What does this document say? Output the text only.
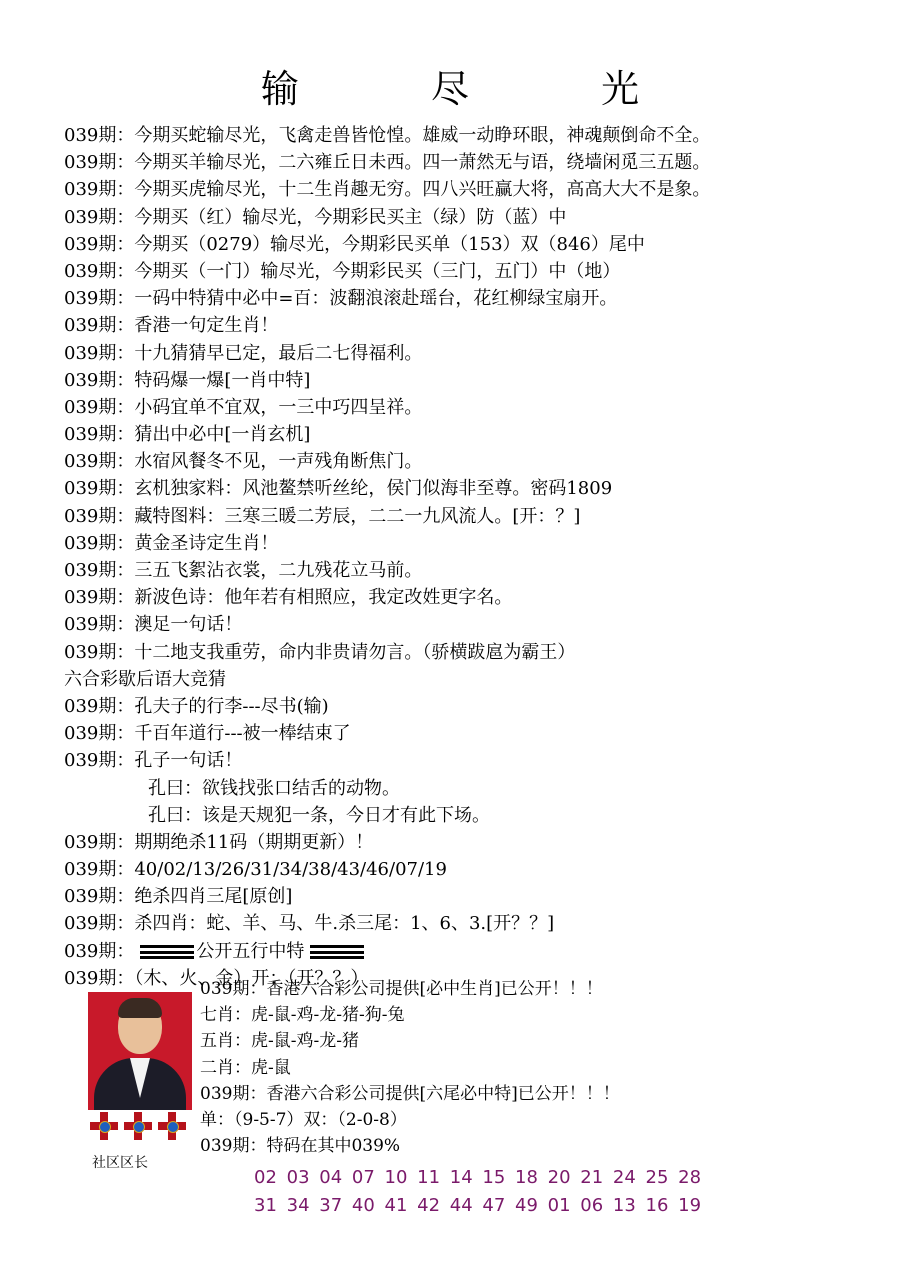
输 尽 光
039期：今期买蛇输尽光，飞禽走兽皆怆惶。雄威一动睁环眼，神魂颠倒命不全。
039期：今期买羊输尽光，二六雍丘日未西。四一萧然无与语，绕墙闲觅三五题。
039期：今期买虎输尽光，十二生肖趣无穷。四八兴旺赢大将，高高大大不是象。
039期：今期买（红）输尽光，今期彩民买主（绿）防（蓝）中
039期：今期买（0279）输尽光，今期彩民买单（153）双（846）尾中
039期：今期买（一门）输尽光，今期彩民买（三门，五门）中（地）
039期：一码中特猜中必中=百：波翻浪滚赴瑶台，花红柳绿宝扇开。
039期：香港一句定生肖！
039期：十九猜猜早已定，最后二七得福利。
039期：特码爆一爆[一肖中特]
039期：小码宜单不宜双，一三中巧四呈祥。
039期：猜出中必中[一肖玄机]
039期：水宿风餐冬不见，一声残角断焦门。
039期：玄机独家料：风池鳌禁听丝纶，侯门似海非至尊。密码1809
039期：藏特图料：三寒三暖二芳辰，二二一九风流人。[开：？]
039期：黄金圣诗定生肖！
039期：三五飞絮沾衣裳，二九残花立马前。
039期：新波色诗：他年若有相照应，我定改姓更字名。
039期：澳足一句话！
039期：十二地支我重劳，命内非贵请勿言。（骄横跋扈为霸王）
六合彩歇后语大竞猜
039期：孔夫子的行李---尽书(输)
039期：千百年道行---被一棒结束了
039期：孔子一句话！
孔曰：欲钱找张口结舌的动物。
孔曰：该是天规犯一条，今日才有此下场。
039期：期期绝杀11码（期期更新）！
039期：40/02/13/26/31/34/38/43/46/07/19
039期：绝杀四肖三尾[原创]
039期：杀四肖：蛇、羊、马、牛.杀三尾：1、6、3.[开？？]
039期：	公开五行中特
039期：（木、火、金）开：（开？？）
社区区长
039期：香港六合彩公司提供[必中生肖]已公开！！！
七肖：虎-鼠-鸡-龙-猪-狗-兔
五肖：虎-鼠-鸡-龙-猪
二肖：虎-鼠
039期：香港六合彩公司提供[六尾必中特]已公开！！！
单：（9-5-7）双：（2-0-8）
039期：特码在其中039%
02 03 04 07 10 11 14 15 18 20 21 24 25 28
31 34 37 40 41 42 44 47 49 01 06 13 16 19
